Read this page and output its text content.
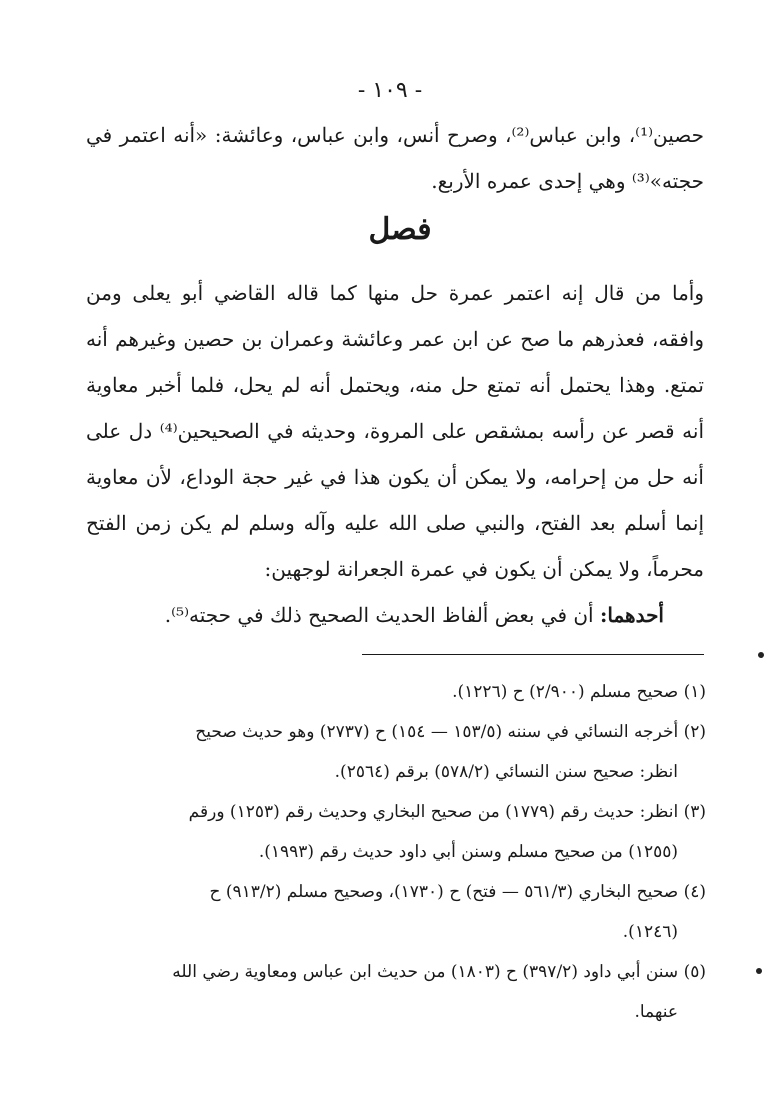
- ١٠٩ -
حصين⁽¹⁾، وابن عباس⁽²⁾، وصرح أنس، وابن عباس، وعائشة: «أنه اعتمر في حجته»⁽³⁾ وهي إحدى عمره الأربع.
فصل
وأما من قال إنه اعتمر عمرة حل منها كما قاله القاضي أبو يعلى ومن وافقه، فعذرهم ما صح عن ابن عمر وعائشة وعمران بن حصين وغيرهم أنه تمتع. وهذا يحتمل أنه تمتع حل منه، ويحتمل أنه لم يحل، فلما أخبر معاوية أنه قصر عن رأسه بمشقص على المروة، وحديثه في الصحيحين⁽⁴⁾ دل على أنه حل من إحرامه، ولا يمكن أن يكون هذا في غير حجة الوداع، لأن معاوية إنما أسلم بعد الفتح، والنبي صلى الله عليه وآله وسلم لم يكن زمن الفتح محرماً، ولا يمكن أن يكون في عمرة الجعرانة لوجهين:
أحدهما: أن في بعض ألفاظ الحديث الصحيح ذلك في حجته⁽⁵⁾.
(١) صحيح مسلم (٢/٩٠٠) ح (١٢٢٦).
(٢) أخرجه النسائي في سننه (١٥٣/٥ — ١٥٤) ح (٢٧٣٧) وهو حديث صحيح
انظر: صحيح سنن النسائي (٥٧٨/٢) برقم (٢٥٦٤).
(٣) انظر: حديث رقم (١٧٧٩) من صحيح البخاري وحديث رقم (١٢٥٣) ورقم
(١٢٥٥) من صحيح مسلم وسنن أبي داود حديث رقم (١٩٩٣).
(٤) صحيح البخاري (٥٦١/٣ — فتح) ح (١٧٣٠)، وصحيح مسلم (٩١٣/٢) ح
(١٢٤٦).
(٥) سنن أبي داود (٣٩٧/٢) ح (١٨٠٣) من حديث ابن عباس ومعاوية رضي الله
عنهما.
